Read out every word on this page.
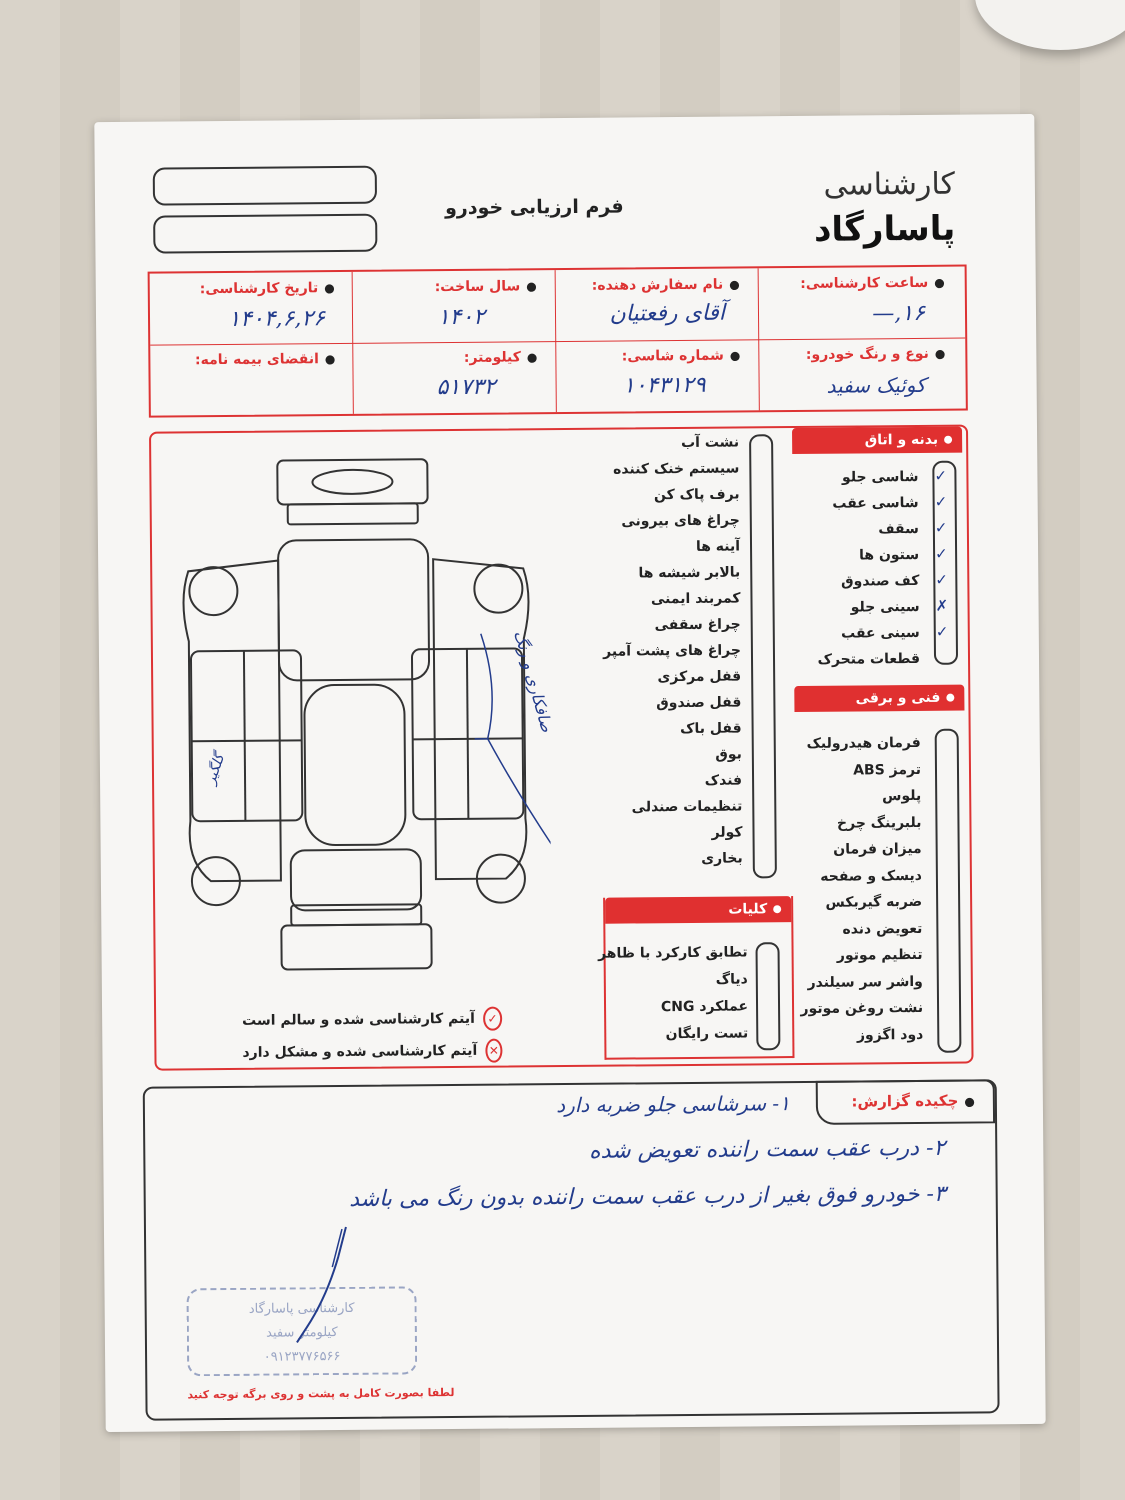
فرم ارزیابی خودرو
کارشناسی
پاسارگاد
● ساعت کارشناسی:
۱۶,—
● نام سفارش دهنده:
آقای رفعتیان
● سال ساخت:
۱۴۰۲
● تاریخ کارشناسی:
۱۴۰۴,۶,۲۶
● نوع و رنگ خودرو:
کوئیک سفید
● شماره شاسی:
۱۰۴۳۱۲۹
● کیلومتر:
۵۱۷۳۲
● انقضای بیمه نامه:
صافکاری و رنگ
گلگیر
✓
آیتم کارشناسی شده و سالم است
✕
آیتم کارشناسی شده و مشکل دارد
نشت آب
سیستم خنک کننده
برف پاک کن
چراغ های بیرونی
آینه ها
بالابر شیشه ها
کمربند ایمنی
چراغ سقفی
چراغ های پشت آمپر
قفل مرکزی
قفل صندوق
قفل باک
بوق
فندک
تنظیمات صندلی
کولر
بخاری
کلیات
تطابق کارکرد با ظاهر
دیاگ
عملکرد CNG
تست رایگان
بدنه و اتاق
✓
✓
✓
✓
✓
✗
✓
شاسی جلو
شاسی عقب
سقف
ستون ها
کف صندوق
سینی جلو
سینی عقب
قطعات متحرک
فنی و برقی
فرمان هیدرولیک
ترمز ABS
پلوس
بلبرینگ چرخ
میزان فرمان
دیسک و صفحه
ضربه گیربکس
تعویض دنده
تنظیم موتور
واشر سر سیلندر
نشت روغن موتور
دود اگزوز
● چکیده گزارش:
۱- سرشاسی جلو ضربه دارد
۲- درب عقب سمت راننده تعویض شده
۳- خودرو فوق بغیر از درب عقب سمت راننده بدون رنگ می باشد
کارشناسی پاسارگاد
کیلومتر سفید
۰۹۱۲۳۷۷۶۵۶۶
لطفا بصورت کامل به پشت و روی برگه توجه کنید
